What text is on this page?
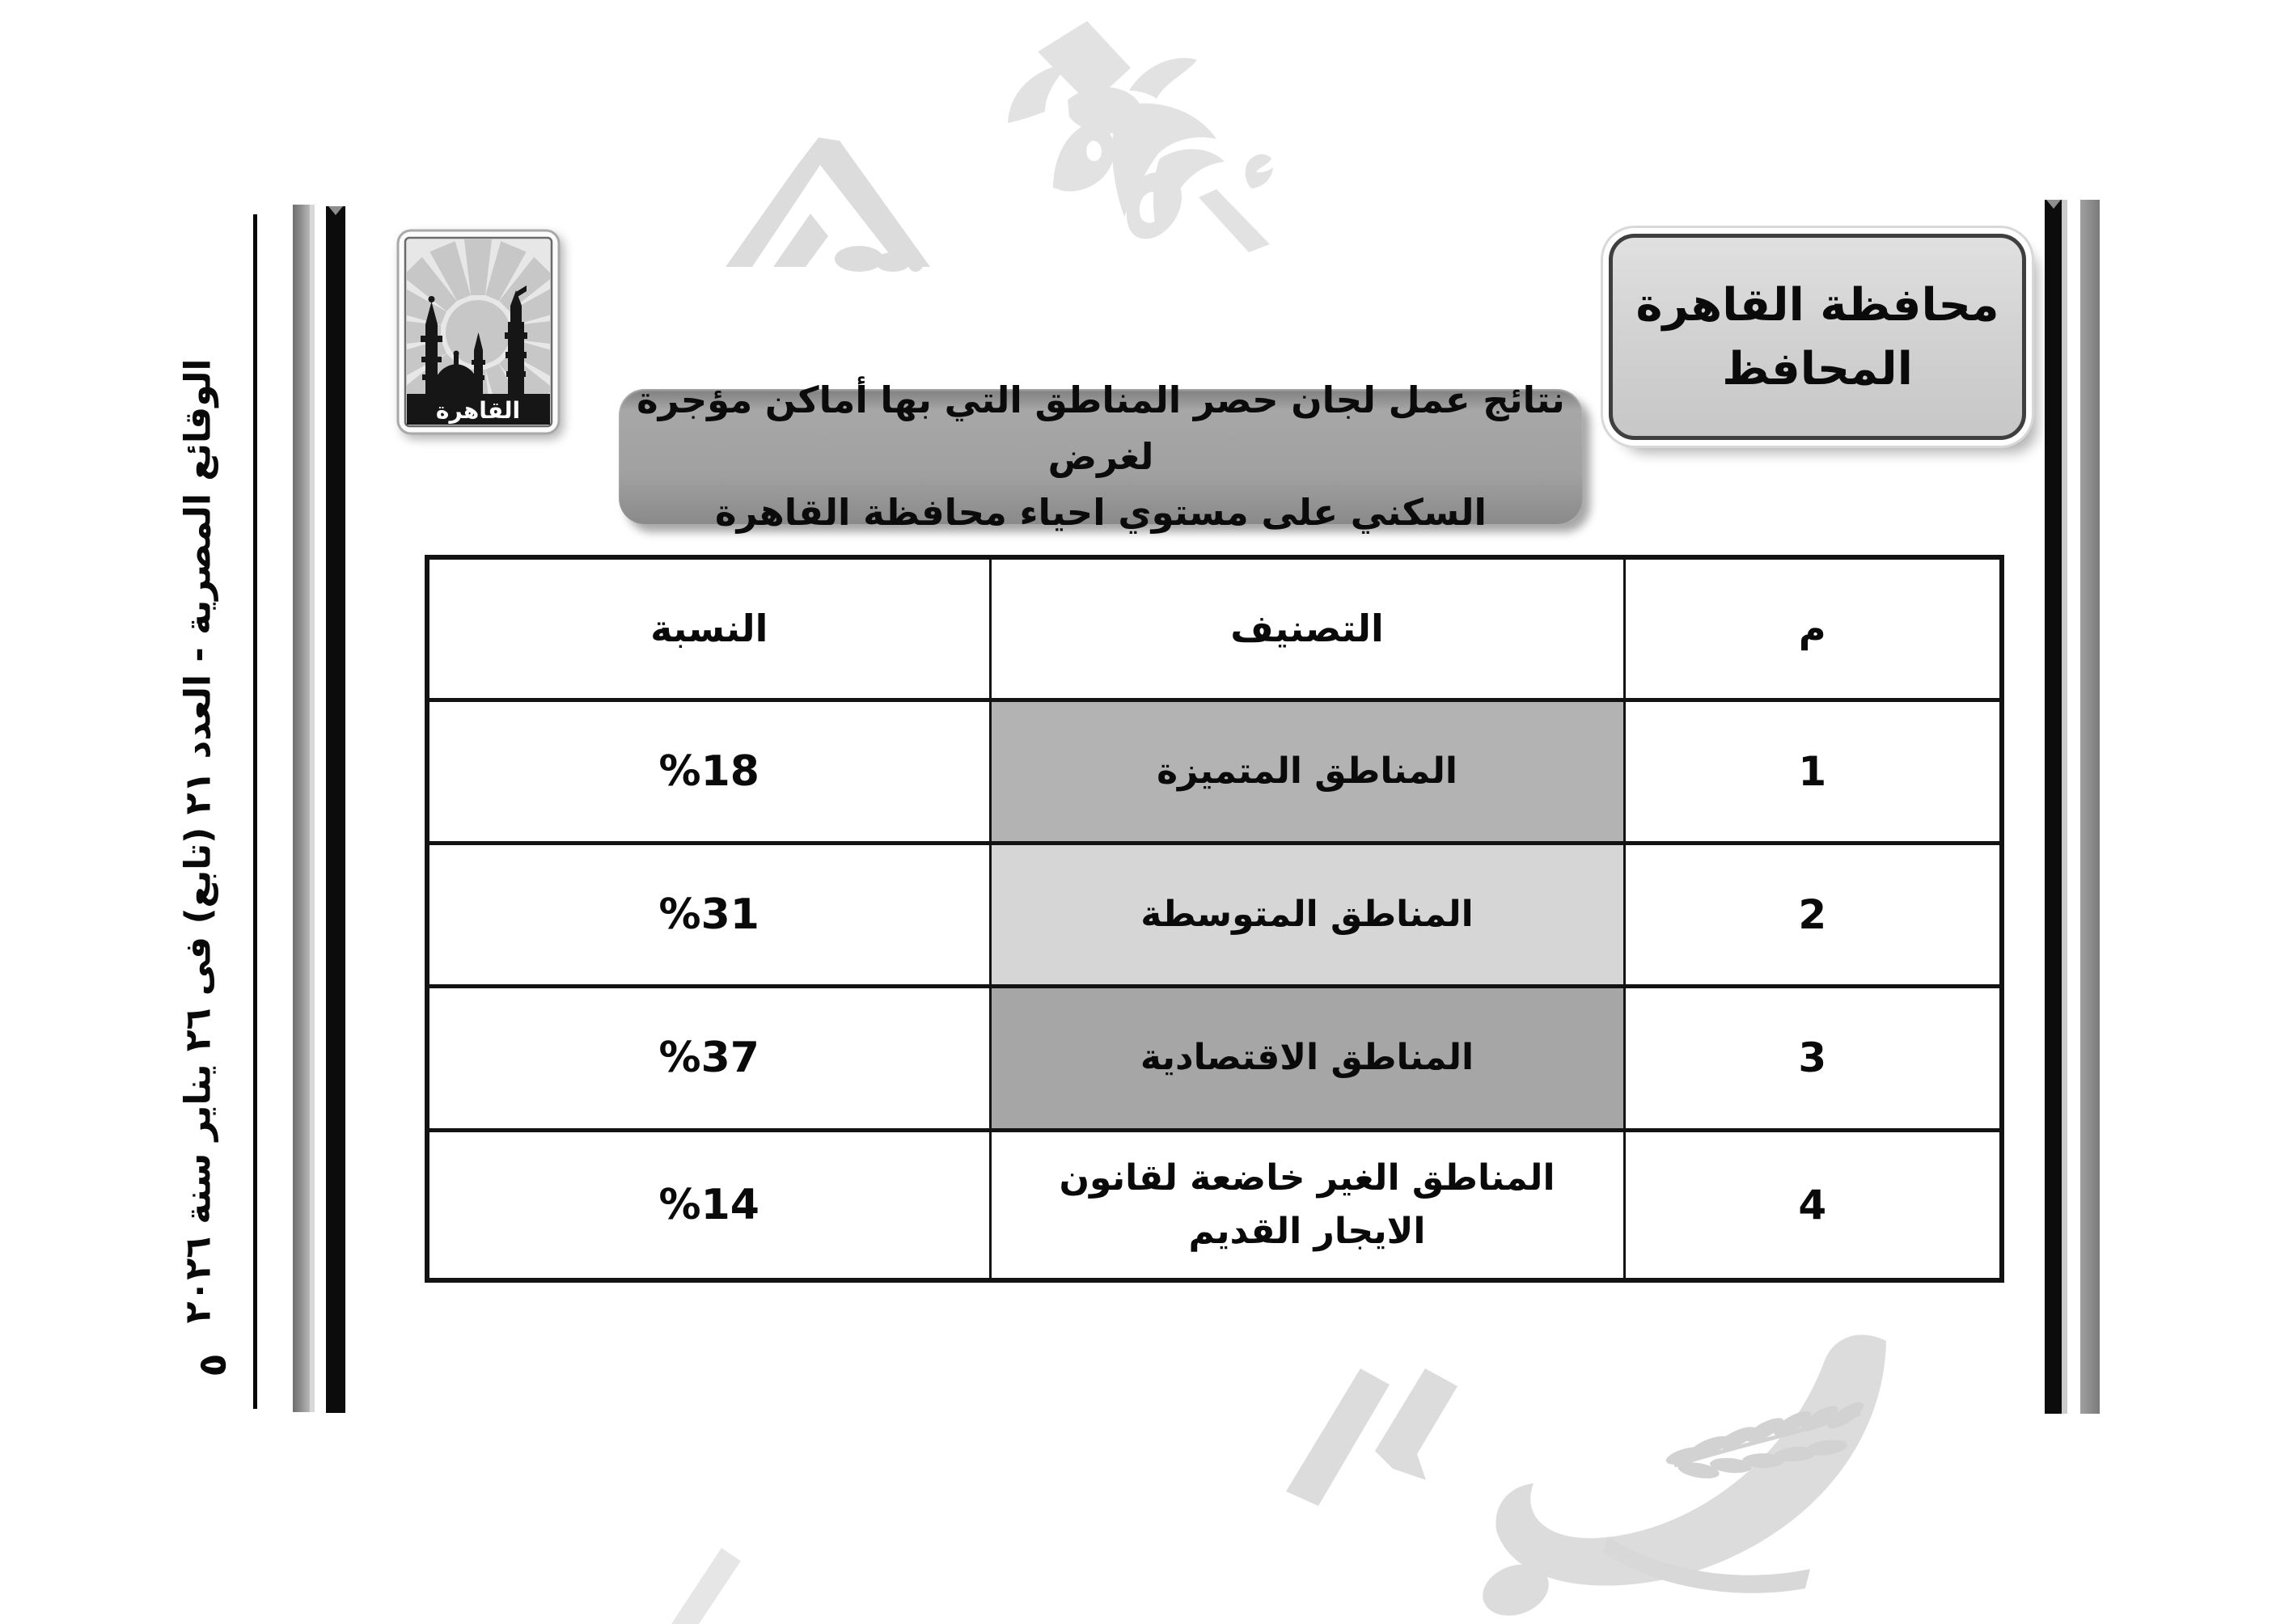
الوقائع المصرية - العدد ٢١ (تابع) فى ٢٦ يناير سنة ٢٠٢٦
٥
القاهرة
محافظة القاهرة
المحافظ
نتائج عمل لجان حصر المناطق التي بها أماكن مؤجرة لغرض
السكني على مستوي احياء محافظة القاهرة
م	التصنيف	النسبة
1	المناطق المتميزة	%18
2	المناطق المتوسطة	%31
3	المناطق الاقتصادية	%37
4	المناطق الغير خاضعة لقانون الايجار القديم	%14
